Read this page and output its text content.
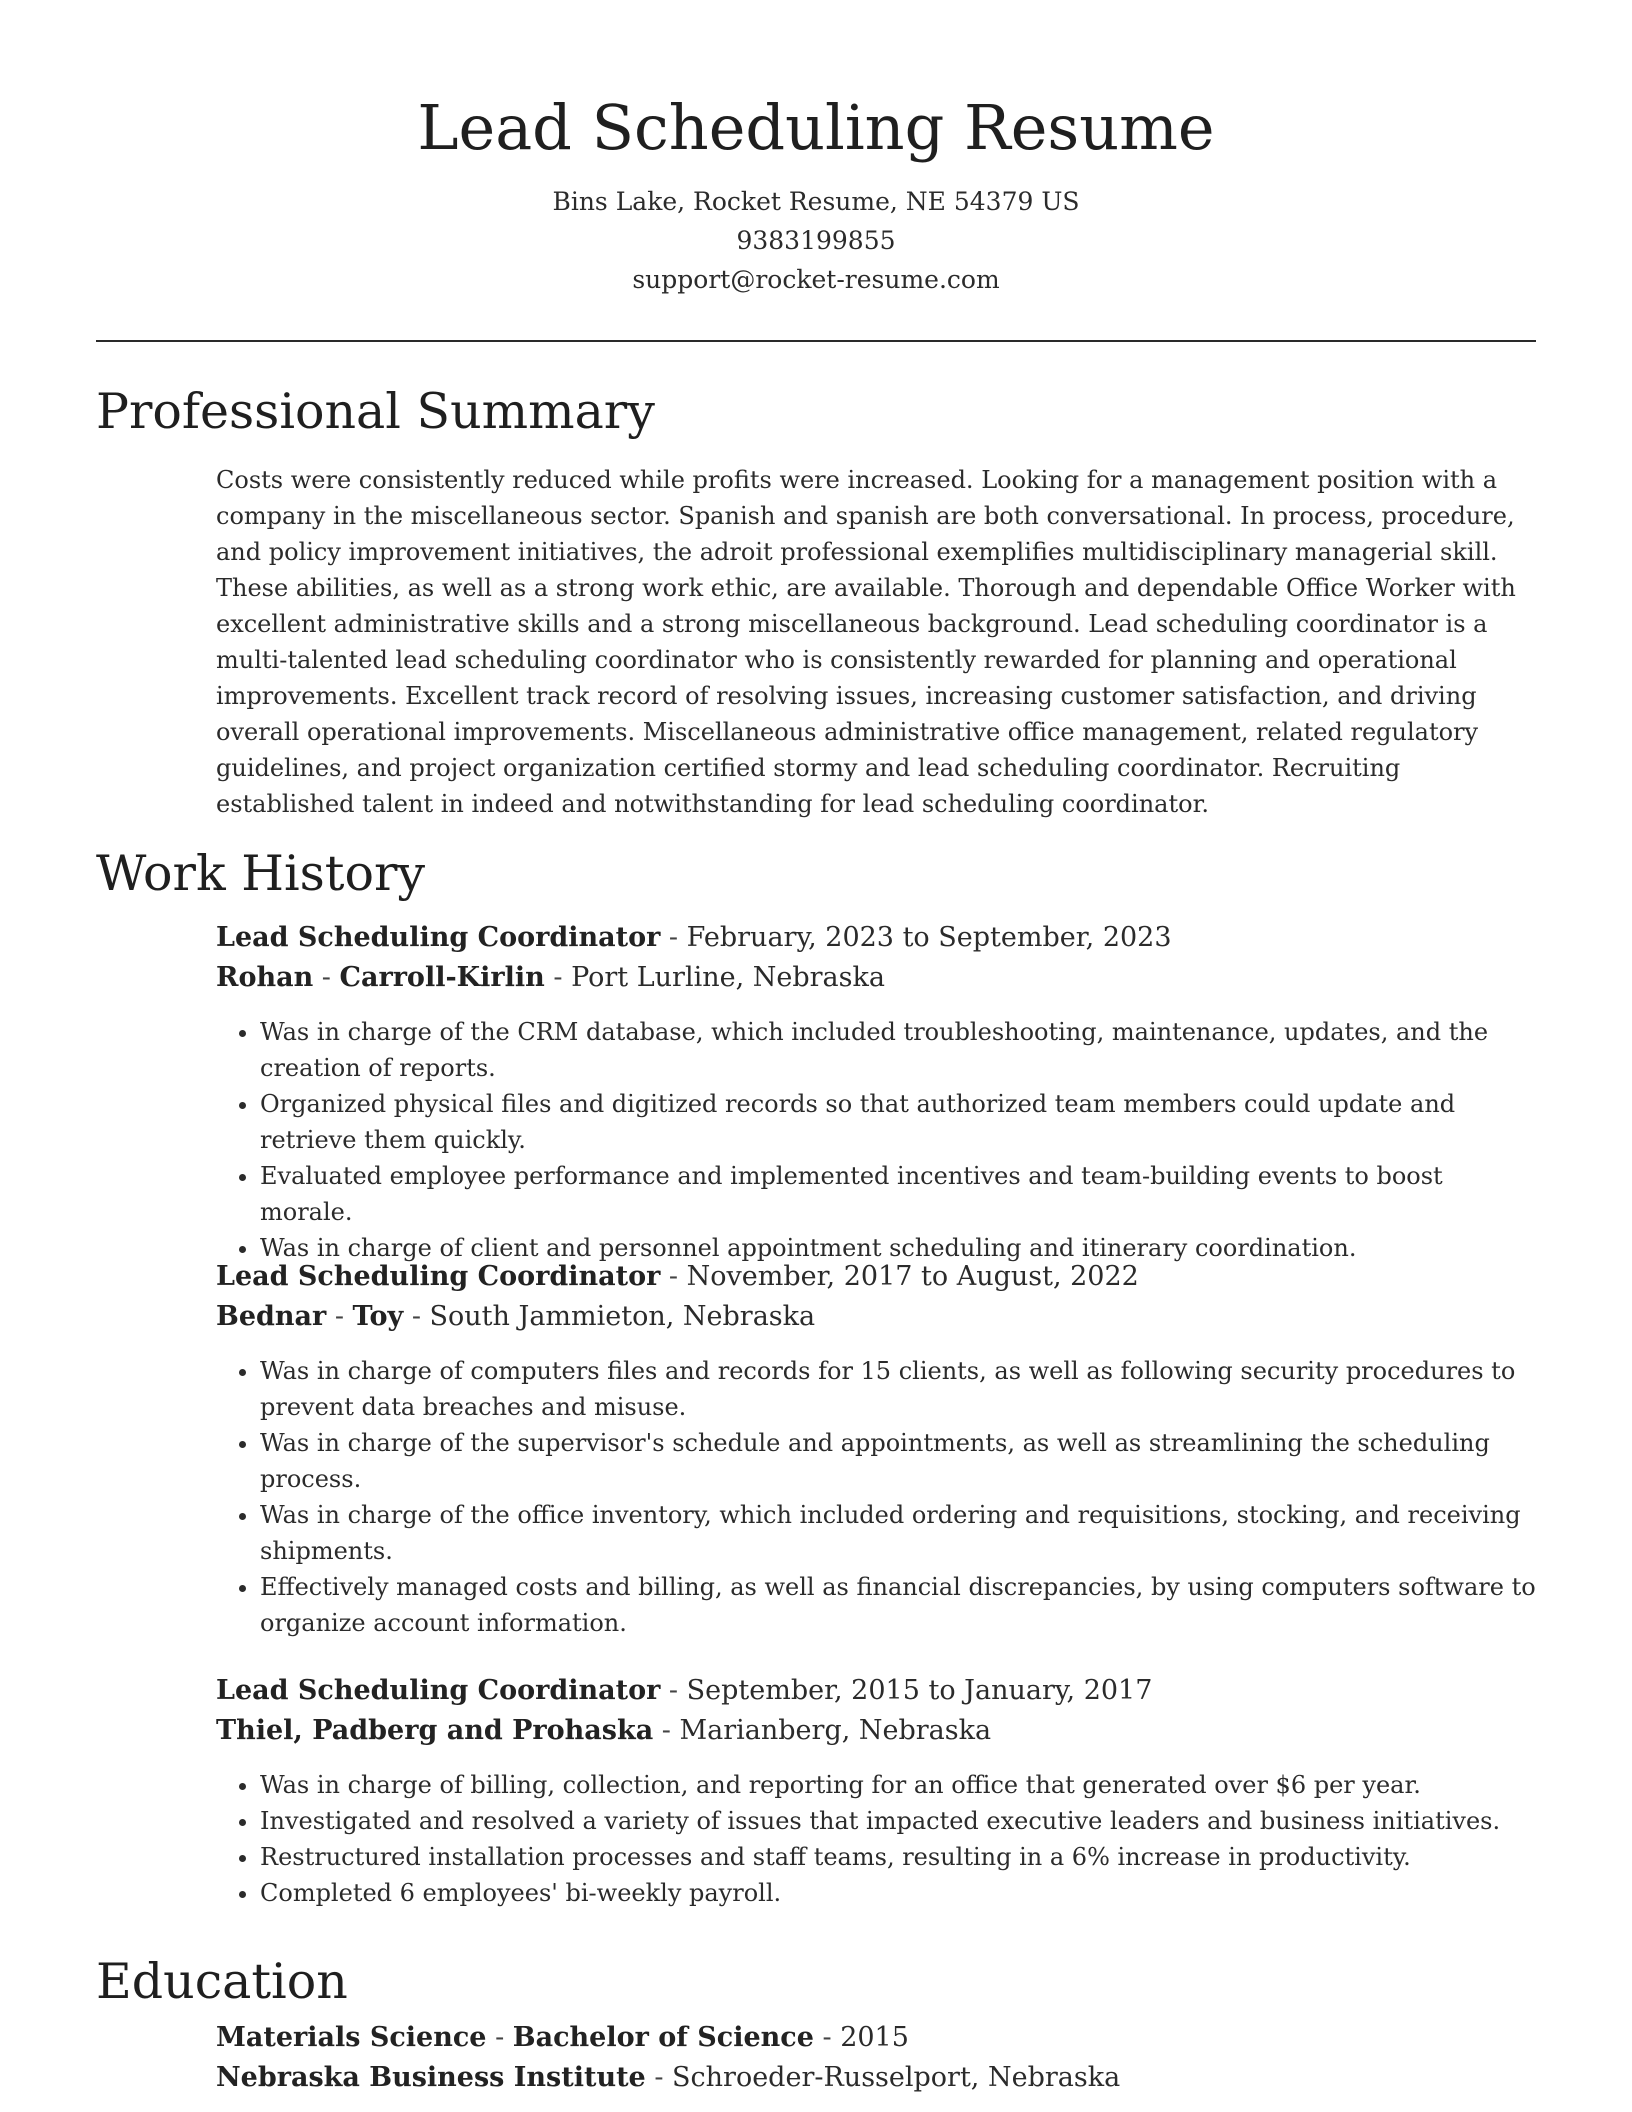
Lead Scheduling Resume
Bins Lake, Rocket Resume, NE 54379 US
9383199855
support@rocket-resume.com
Professional Summary

Costs were consistently reduced while profits were increased. Looking for a management position with a company in the miscellaneous sector. Spanish and spanish are both conversational. In process, procedure, and policy improvement initiatives, the adroit professional exemplifies multidisciplinary managerial skill. These abilities, as well as a strong work ethic, are available. Thorough and dependable Office Worker with excellent administrative skills and a strong miscellaneous background. Lead scheduling coordinator is a multi-talented lead scheduling coordinator who is consistently rewarded for planning and operational improvements. Excellent track record of resolving issues, increasing customer satisfaction, and driving overall operational improvements. Miscellaneous administrative office management, related regulatory guidelines, and project organization certified stormy and lead scheduling coordinator. Recruiting established talent in indeed and notwithstanding for lead scheduling coordinator.

Work History
Lead Scheduling Coordinator - February, 2023 to September, 2023
Rohan - Carroll-Kirlin - Port Lurline, Nebraska
• Was in charge of the CRM database, which included troubleshooting, maintenance, updates, and the creation of reports.
• Organized physical files and digitized records so that authorized team members could update and retrieve them quickly.
• Evaluated employee performance and implemented incentives and team-building events to boost morale.
• Was in charge of client and personnel appointment scheduling and itinerary coordination.
Lead Scheduling Coordinator - November, 2017 to August, 2022
Bednar - Toy - South Jammieton, Nebraska
• Was in charge of computers files and records for 15 clients, as well as following security procedures to prevent data breaches and misuse.
• Was in charge of the supervisor's schedule and appointments, as well as streamlining the scheduling process.
• Was in charge of the office inventory, which included ordering and requisitions, stocking, and receiving shipments.
• Effectively managed costs and billing, as well as financial discrepancies, by using computers software to organize account information.
Lead Scheduling Coordinator - September, 2015 to January, 2017
Thiel, Padberg and Prohaska - Marianberg, Nebraska
• Was in charge of billing, collection, and reporting for an office that generated over $6 per year.
• Investigated and resolved a variety of issues that impacted executive leaders and business initiatives.
• Restructured installation processes and staff teams, resulting in a 6% increase in productivity.
• Completed 6 employees' bi-weekly payroll.
Education
Materials Science - Bachelor of Science - 2015
Nebraska Business Institute - Schroeder-Russelport, Nebraska
